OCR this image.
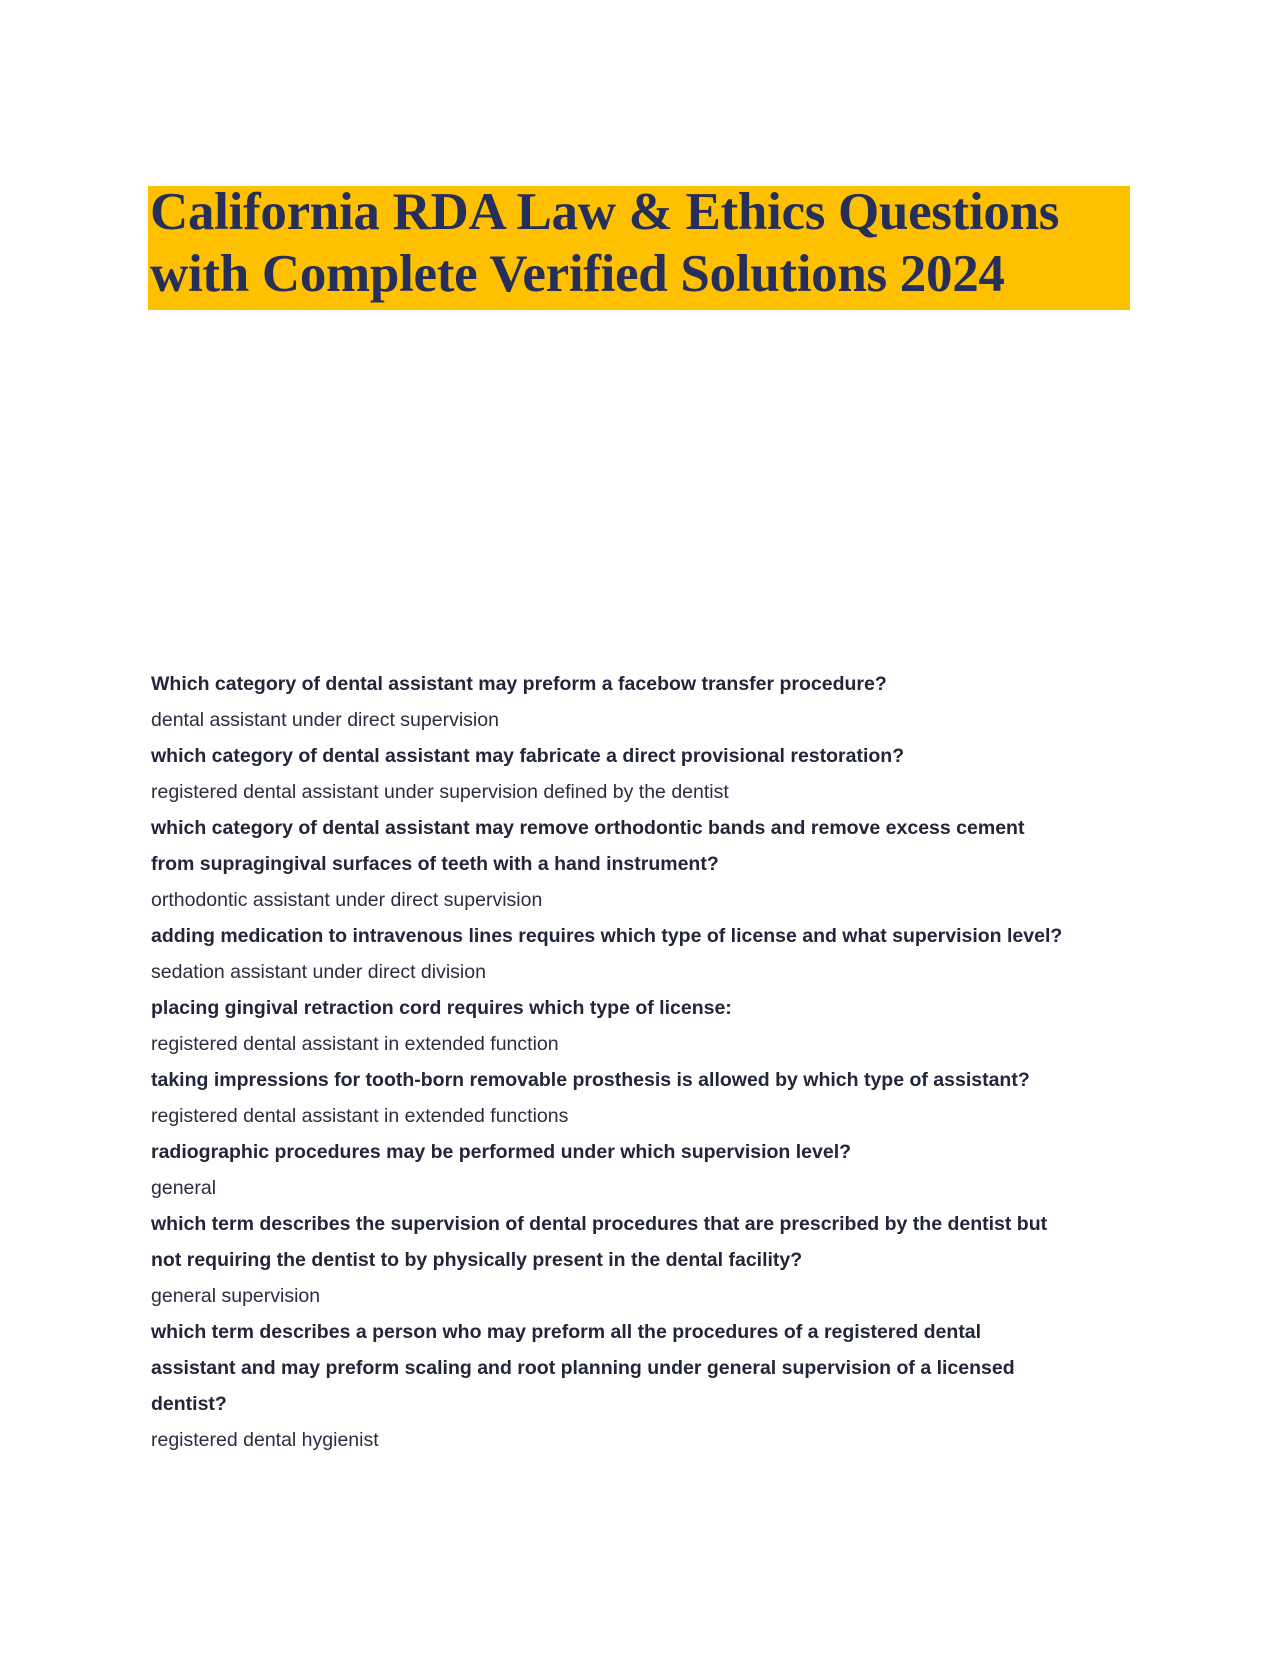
California RDA Law & Ethics Questions
with Complete Verified Solutions 2024
Which category of dental assistant may preform a facebow transfer procedure?
dental assistant under direct supervision
which category of dental assistant may fabricate a direct provisional restoration?
registered dental assistant under supervision defined by the dentist
which category of dental assistant may remove orthodontic bands and remove excess cement
from supragingival surfaces of teeth with a hand instrument?
orthodontic assistant under direct supervision
adding medication to intravenous lines requires which type of license and what supervision level?
sedation assistant under direct division
placing gingival retraction cord requires which type of license:
registered dental assistant in extended function
taking impressions for tooth-born removable prosthesis is allowed by which type of assistant?
registered dental assistant in extended functions
radiographic procedures may be performed under which supervision level?
general
which term describes the supervision of dental procedures that are prescribed by the dentist but
not requiring the dentist to by physically present in the dental facility?
general supervision
which term describes a person who may preform all the procedures of a registered dental
assistant and may preform scaling and root planning under general supervision of a licensed
dentist?
registered dental hygienist
